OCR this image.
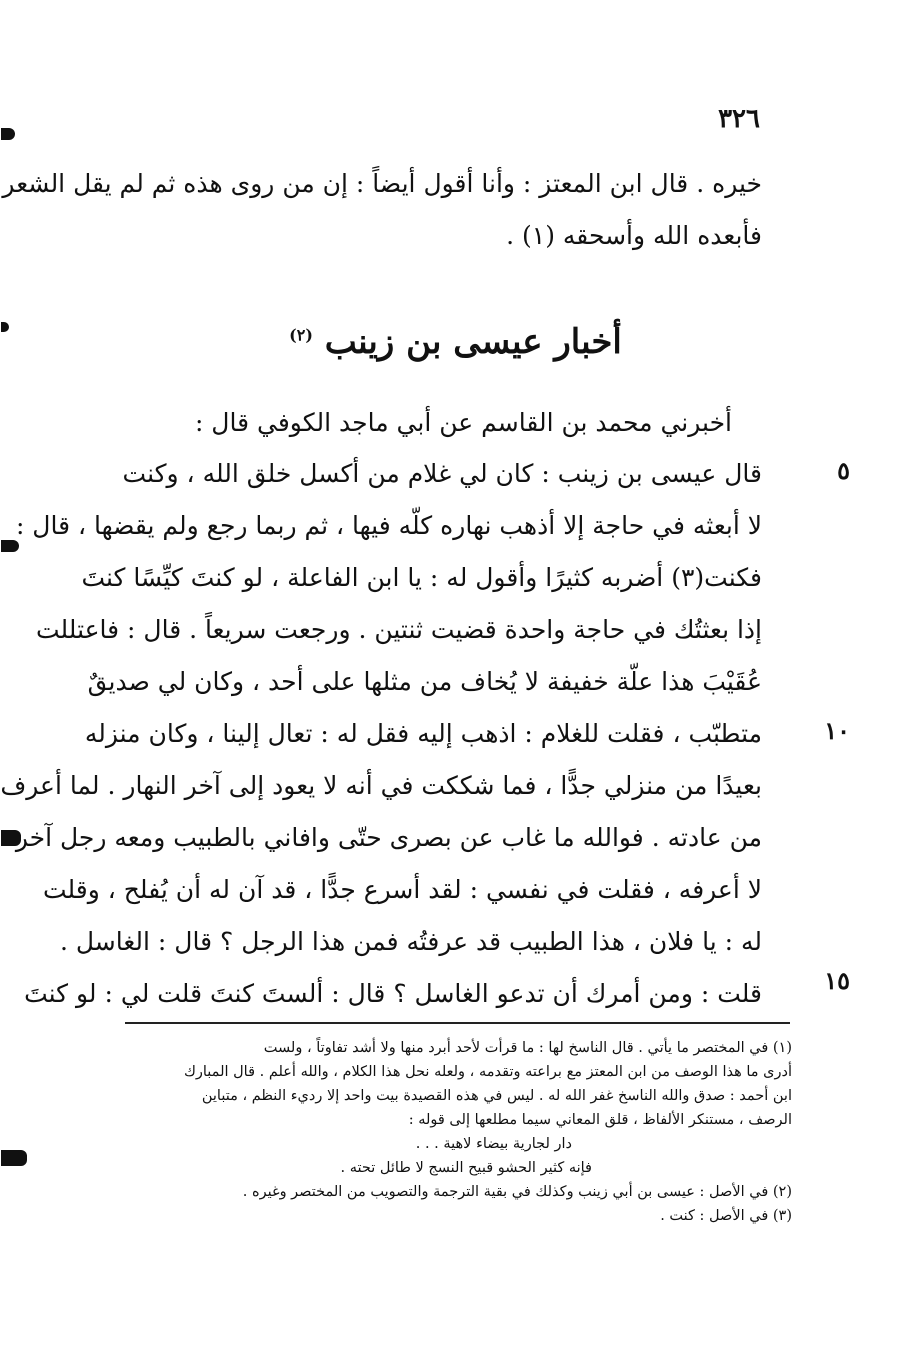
٣٢٦
خيره . قال ابن المعتز : وأنا أقول أيضاً : إن من روى هذه ثم لم يقل الشعر
فأبعده الله وأسحقه (١) .
أخبار عيسى بن زينب $^{(٢)}$
أخبرني محمد بن القاسم عن أبي ماجد الكوفي قال :
٥
١٠
١٥
قال عيسى بن زينب : كان لي غلام من أكسل خلق الله ، وكنت
لا أبعثه في حاجة إلا أذهب نهاره كلّه فيها ، ثم ربما رجع ولم يقضها ، قال :
فكنت(٣) أضربه كثيرًا وأقول له : يا ابن الفاعلة ، لو كنتَ كيِّسًا كنتَ
إذا بعثتُك في حاجة واحدة قضيت ثنتين . ورجعت سريعاً . قال : فاعتللت
عُقَيْبَ هذا علّة خفيفة لا يُخاف من مثلها على أحد ، وكان لي صديقٌ
متطبّب ، فقلت للغلام : اذهب إليه فقل له : تعال إلينا ، وكان منزله
بعيدًا من منزلي جدًّا ، فما شككت في أنه لا يعود إلى آخر النهار . لما أعرف
من عادته . فوالله ما غاب عن بصرى حتّى وافاني بالطبيب ومعه رجل آخر
لا أعرفه ، فقلت في نفسي : لقد أسرع جدًّا ، قد آن له أن يُفلح ، وقلت
له : يا فلان ، هذا الطبيب قد عرفتُه فمن هذا الرجل ؟ قال : الغاسل .
قلت : ومن أمرك أن تدعو الغاسل ؟ قال : ألستَ كنتَ قلت لي : لو كنتَ
(١) في المختصر ما يأتي . قال الناسخ لها : ما قرأت لأحد أبرد منها ولا أشد تفاوتاً ، ولست
أدرى ما هذا الوصف من ابن المعتز مع براعته وتقدمه ، ولعله نحل هذا الكلام ، والله أعلم . قال المبارك
ابن أحمد : صدق والله الناسخ غفر الله له . ليس في هذه القصيدة بيت واحد إلا رديء النظم ، متباين
الرصف ، مستنكر الألفاظ ، قلق المعاني سيما مطلعها إلى قوله :
دار لجارية بيضاء لاهية . . .
فإنه كثير الحشو قبيح النسج لا طائل تحته .
(٢) في الأصل : عيسى بن أبي زينب وكذلك في بقية الترجمة والتصويب من المختصر وغيره .
(٣) في الأصل : كنت .
